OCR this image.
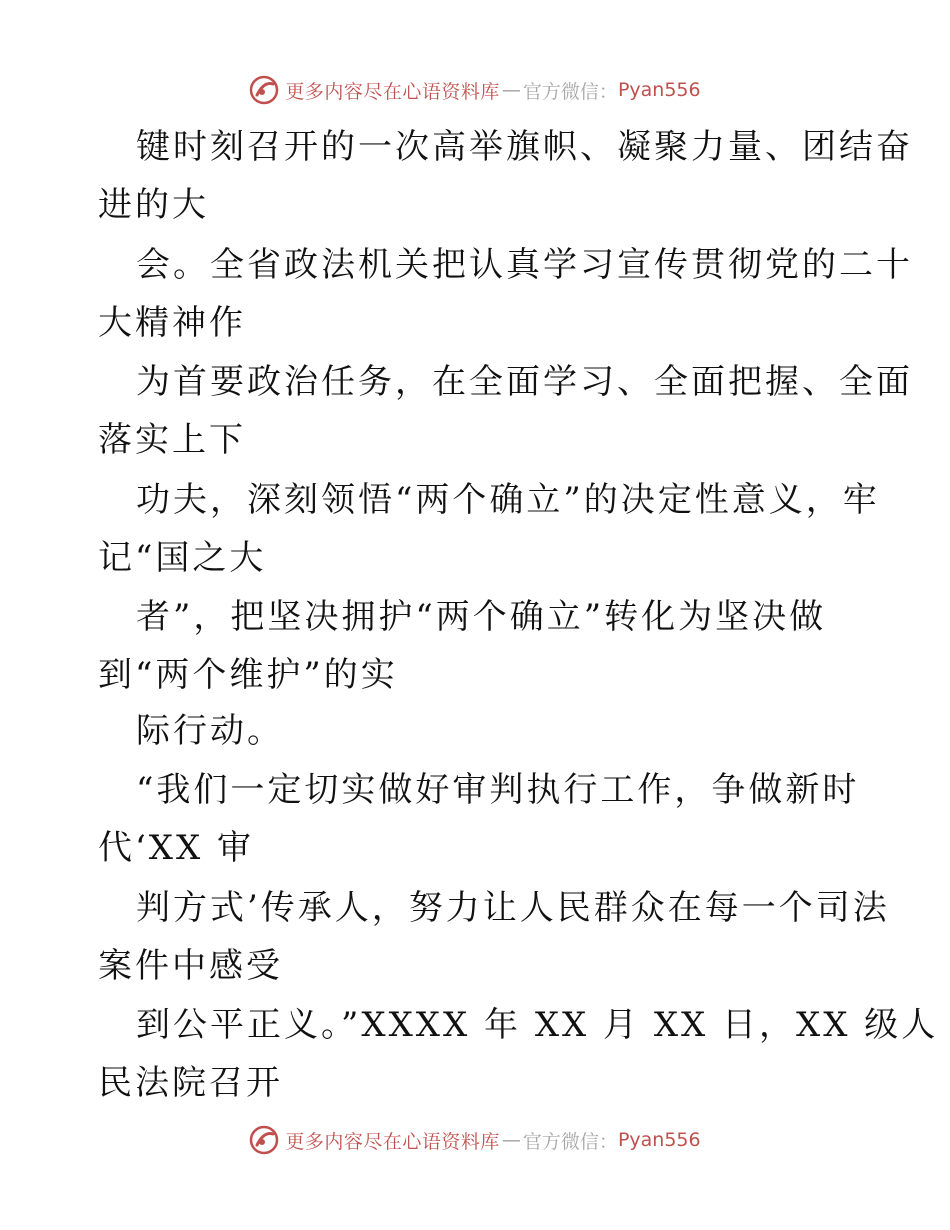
更多内容尽在心语资料库 — 官方微信： Pyan556
键时刻召开的一次高举旗帜、凝聚力量、团结奋
进的大
会。全省政法机关把认真学习宣传贯彻党的二十
大精神作
为首要政治任务，在全面学习、全面把握、全面
落实上下
功夫，深刻领悟“两个确立”的决定性意义，牢
记“国之大
者”，把坚决拥护“两个确立”转化为坚决做
到“两个维护”的实
际行动。
“我们一定切实做好审判执行工作，争做新时
代‘XX 审
判方式’传承人，努力让人民群众在每一个司法
案件中感受
到公平正义。”XXXX 年 XX 月 XX 日，XX 级人
民法院召开
更多内容尽在心语资料库 — 官方微信： Pyan556
